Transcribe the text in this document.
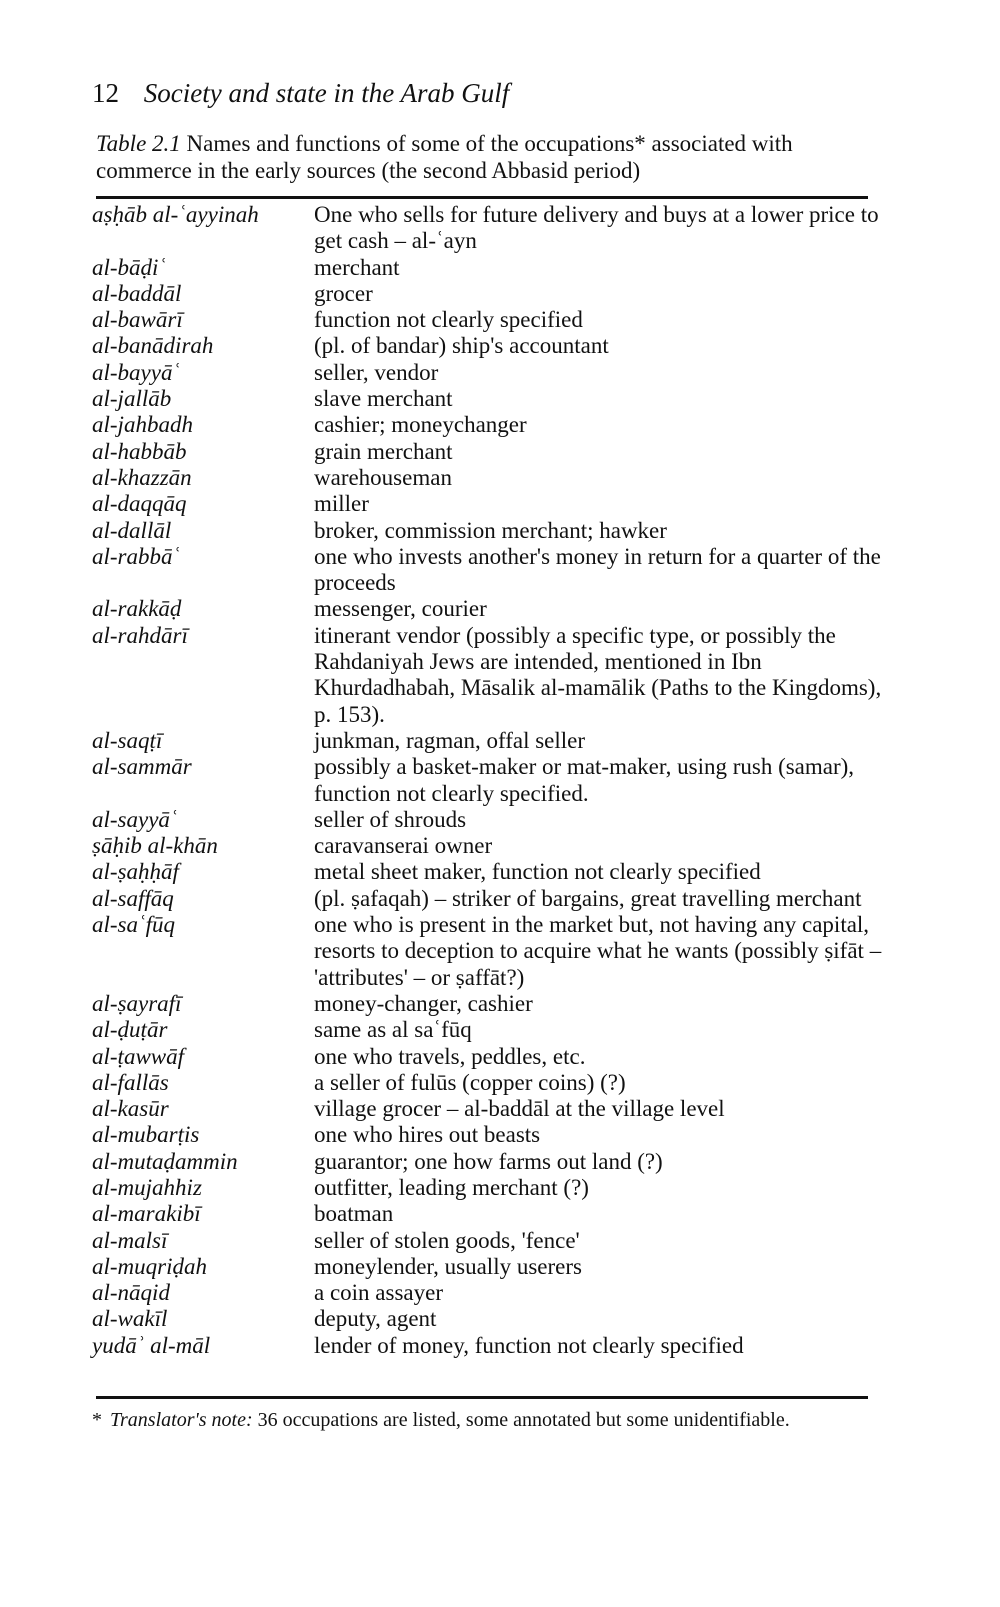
12 Society and state in the Arab Gulf
Table 2.1 Names and functions of some of the occupations* associated with commerce in the early sources (the second Abbasid period)
aṣḥāb al-ʿayyinah	One who sells for future delivery and buys at a lower price to get cash – al-ʿayn
al-bāḍiʿ	merchant
al-baddāl	grocer
al-bawārī	function not clearly specified
al-banādirah	(pl. of bandar) ship's accountant
al-bayyāʿ	seller, vendor
al-jallāb	slave merchant
al-jahbadh	cashier; moneychanger
al-habbāb	grain merchant
al-khazzān	warehouseman
al-daqqāq	miller
al-dallāl	broker, commission merchant; hawker
al-rabbāʿ	one who invests another's money in return for a quarter of the proceeds
al-rakkāḍ	messenger, courier
al-rahdārī	itinerant vendor (possibly a specific type, or possibly the Rahdaniyah Jews are intended, mentioned in Ibn Khurdadhabah, Māsalik al-mamālik (Paths to the Kingdoms), p. 153).
al-saqṭī	junkman, ragman, offal seller
al-sammār	possibly a basket-maker or mat-maker, using rush (samar), function not clearly specified.
al-sayyāʿ	seller of shrouds
ṣāḥib al-khān	caravanserai owner
al-ṣaḥḥāf	metal sheet maker, function not clearly specified
al-saffāq	(pl. ṣafaqah) – striker of bargains, great travelling merchant
al-saʿfūq	one who is present in the market but, not having any capital, resorts to deception to acquire what he wants (possibly ṣifāt – 'attributes' – or ṣaffāt?)
al-ṣayrafī	money-changer, cashier
al-ḍuṭār	same as al saʿfūq
al-ṭawwāf	one who travels, peddles, etc.
al-fallās	a seller of fulūs (copper coins) (?)
al-kasūr	village grocer – al-baddāl at the village level
al-mubarṭis	one who hires out beasts
al-mutaḍammin	guarantor; one how farms out land (?)
al-mujahhiz	outfitter, leading merchant (?)
al-marakibī	boatman
al-malsī	seller of stolen goods, 'fence'
al-muqriḍah	moneylender, usually userers
al-nāqid	a coin assayer
al-wakīl	deputy, agent
yudāʾ al-māl	lender of money, function not clearly specified
* Translator's note: 36 occupations are listed, some annotated but some unidentifiable.
